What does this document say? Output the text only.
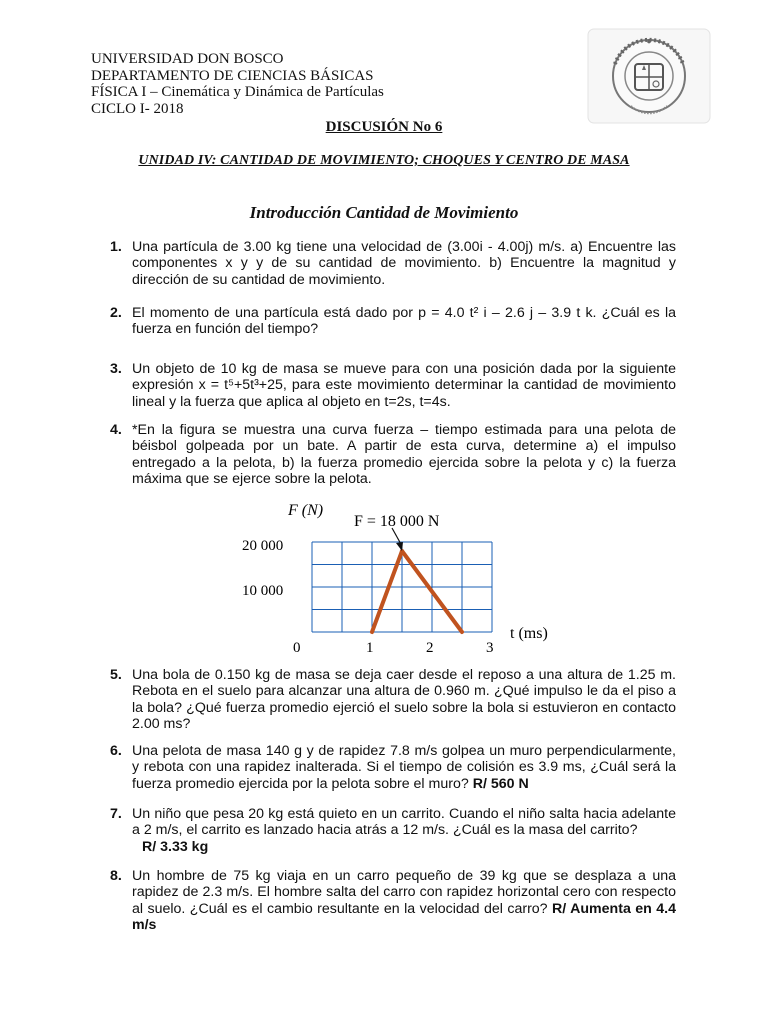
UNIVERSIDAD DON BOSCO
DEPARTAMENTO DE CIENCIAS BÁSICAS
FÍSICA I – Cinemática y Dinámica de Partículas
CICLO I- 2018
DISCUSIÓN No 6
UNIDAD IV: CANTIDAD DE MOVIMIENTO; CHOQUES Y CENTRO DE MASA
Introducción Cantidad de Movimiento
1. Una partícula de 3.00 kg tiene una velocidad de (3.00i - 4.00j) m/s. a) Encuentre las componentes x y y de su cantidad de movimiento. b) Encuentre la magnitud y dirección de su cantidad de movimiento.

2. El momento de una partícula está dado por p = 4.0 t² i – 2.6 j – 3.9 t k. ¿Cuál es la fuerza en función del tiempo?

3. Un objeto de 10 kg de masa se mueve para con una posición dada por la siguiente expresión x = t⁵+5t³+25, para este movimiento determinar la cantidad de movimiento lineal y la fuerza que aplica al objeto en t=2s, t=4s.

4. *En la figura se muestra una curva fuerza – tiempo estimada para una pelota de béisbol golpeada por un bate. A partir de esta curva, determine a) el impulso entregado a la pelota, b) la fuerza promedio ejercida sobre la pelota y c) la fuerza máxima que se ejerce sobre la pelota.

F (N)
F = 18 000 N
20 000
10 000
0	1	2	3
t (ms)
5. Una bola de 0.150 kg de masa se deja caer desde el reposo a una altura de 1.25 m. Rebota en el suelo para alcanzar una altura de 0.960 m. ¿Qué impulso le da el piso a la bola? ¿Qué fuerza promedio ejerció el suelo sobre la bola si estuvieron en contacto 2.00 ms?

6. Una pelota de masa 140 g y de rapidez 7.8 m/s golpea un muro perpendicularmente, y rebota con una rapidez inalterada. Si el tiempo de colisión es 3.9 ms, ¿Cuál será la fuerza promedio ejercida por la pelota sobre el muro? R/ 560 N

7. Un niño que pesa 20 kg está quieto en un carrito. Cuando el niño salta hacia adelante a 2 m/s, el carrito es lanzado hacia atrás a 12 m/s. ¿Cuál es la masa del carrito?

R/ 3.33 kg

8. Un hombre de 75 kg viaja en un carro pequeño de 39 kg que se desplaza a una rapidez de 2.3 m/s. El hombre salta del carro con rapidez horizontal cero con respecto al suelo. ¿Cuál es el cambio resultante en la velocidad del carro? R/ Aumenta en 4.4 m/s
